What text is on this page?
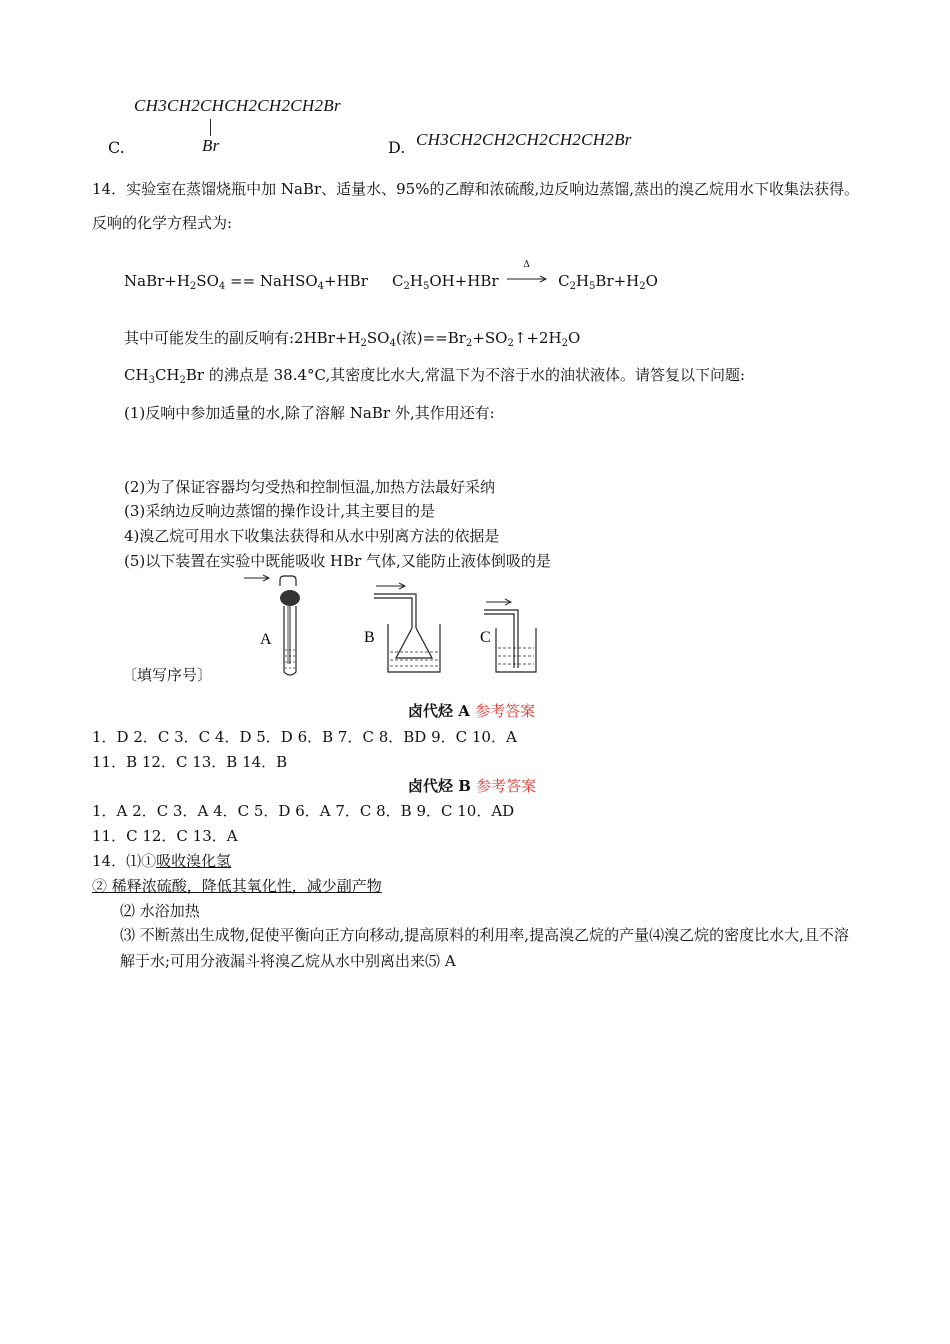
C.
CH3CH2CHCH2CH2CH2Br
Br	D. CH3CH2CH2CH2CH2CH2Br
14．实验室在蒸馏烧瓶中加 NaBr、适量水、95%的乙醇和浓硫酸,边反响边蒸馏,蒸出的溴乙烷用水下收集法获得。反响的化学方程式为:
$NaBr+H_2SO_4$ == NaHSO$_4$+HBr $C_2H_5OH+HBr$
Δ
$C_2H_5Br+H_2O$
其中可能发生的副反响有$:2HBr+H_2SO_4$(浓)$==Br_2+SO_2↑+2H_2O$
$CH_3CH_2Br$ 的沸点是 38.4°C,其密度比水大,常温下为不溶于水的油状液体。请答复以下问题:
(1)反响中参加适量的水,除了溶解 NaBr 外,其作用还有:
(2)为了保证容器均匀受热和控制恒温,加热方法最好采纳
(3)采纳边反响边蒸馏的操作设计,其主要目的是
4)溴乙烷可用水下收集法获得和从水中别离方法的依据是
(5)以下装置在实验中既能吸收 HBr 气体,又能防止液体倒吸的是
A	B	C
〔填写序号〕
卤代烃 A 参考答案
1．D 2．C 3．C 4．D 5．D 6．B 7．C 8．BD 9．C 10．A
11．B 12．C 13．B 14．B
卤代烃 B 参考答案
1．A 2．C 3．A 4．C 5．D 6．A 7．C 8．B 9．C 10．AD
11．C 12．C 13．A
14．⑴①吸收溴化氢
② 稀释浓硫酸，降低其氧化性，减少副产物
⑵ 水浴加热
⑶ 不断蒸出生成物,促使平衡向正方向移动,提高原料的利用率,提高溴乙烷的产量⑷溴乙烷的密度比水大,且不溶解于水;可用分液漏斗将溴乙烷从水中别离出来⑸ A
